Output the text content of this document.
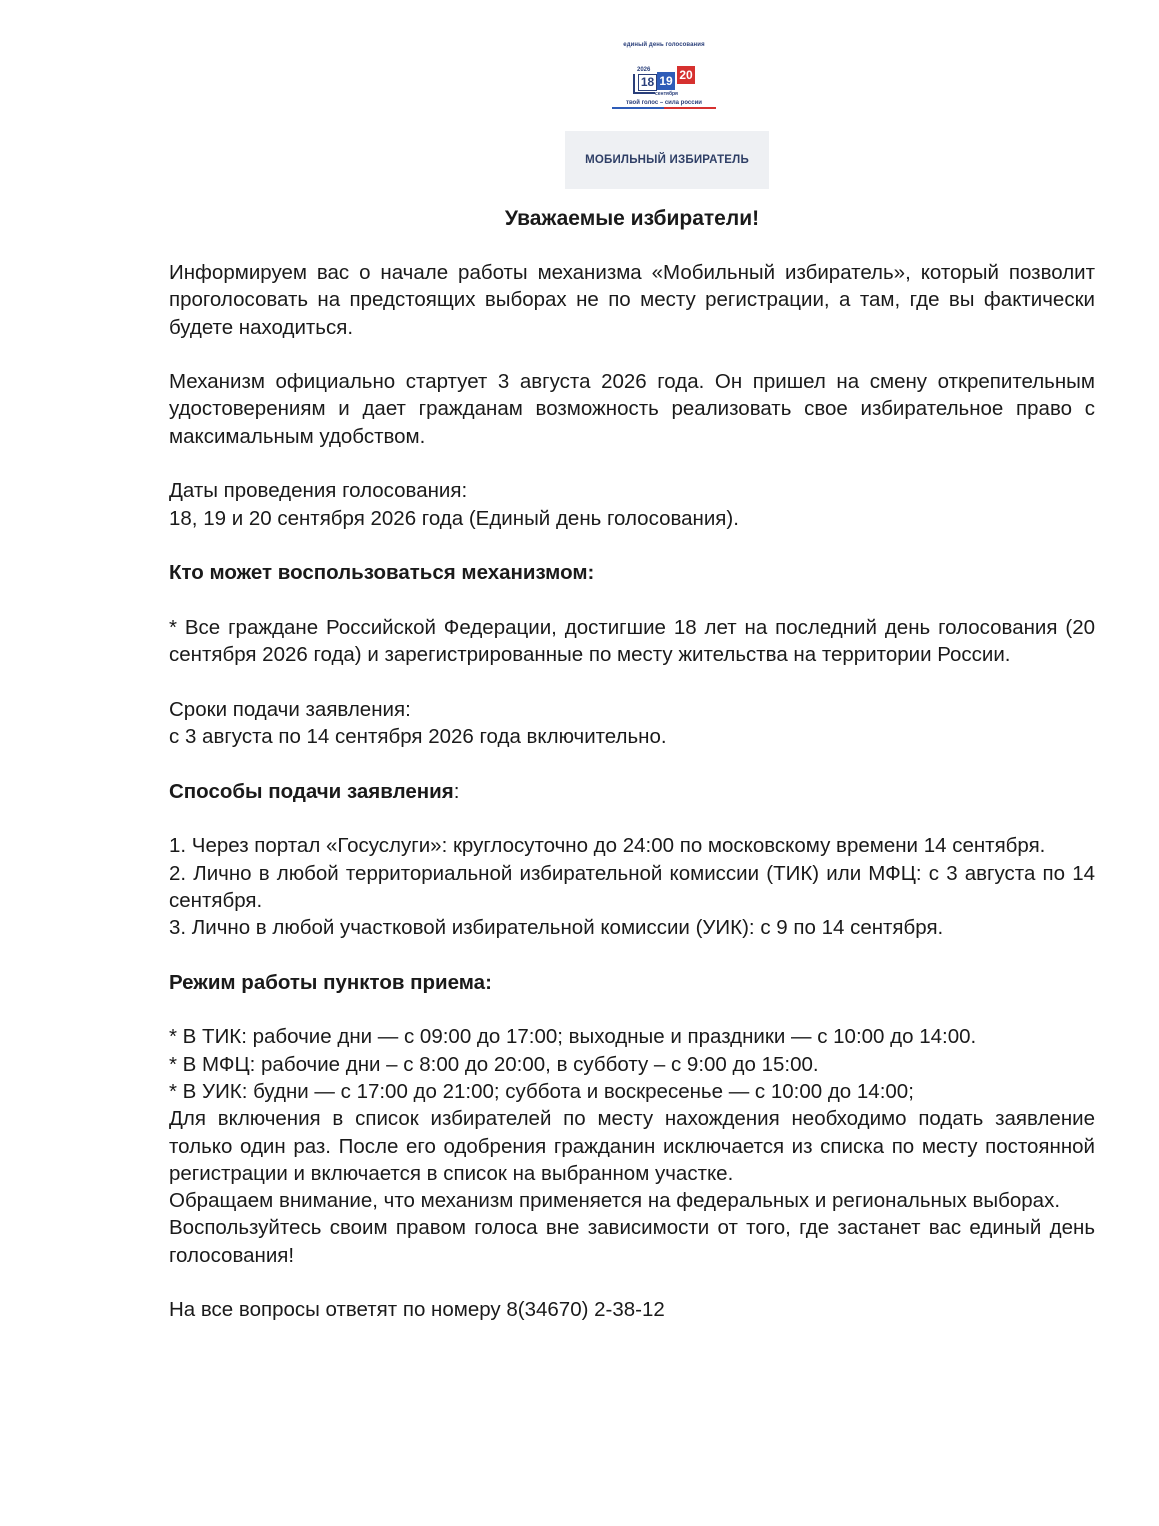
единый день голосования
2026
18 19 20
сентября
твой голос – сила россии
МОБИЛЬНЫЙ ИЗБИРАТЕЛЬ
Уважаемые избиратели!

Информируем вас о начале работы механизма «Мобильный избиратель», который позволит проголосовать на предстоящих выборах не по месту регистрации, а там, где вы фактически будете находиться.

Механизм официально стартует 3 августа 2026 года. Он пришел на смену открепительным удостоверениям и дает гражданам возможность реализовать свое избирательное право с максимальным удобством.

Даты проведения голосования:

18, 19 и 20 сентября 2026 года (Единый день голосования).

Кто может воспользоваться механизмом:

* Все граждане Российской Федерации, достигшие 18 лет на последний день голосования (20 сентября 2026 года) и зарегистрированные по месту жительства на территории России.

Сроки подачи заявления:

с 3 августа по 14 сентября 2026 года включительно.

Способы подачи заявления:

1. Через портал «Госуслуги»: круглосуточно до 24:00 по московскому времени 14 сентября.

2. Лично в любой территориальной избирательной комиссии (ТИК) или МФЦ: с 3 августа по 14 сентября.

3. Лично в любой участковой избирательной комиссии (УИК): с 9 по 14 сентября.

Режим работы пунктов приема:

* В ТИК: рабочие дни — с 09:00 до 17:00; выходные и праздники — с 10:00 до 14:00.

* В МФЦ: рабочие дни – с 8:00 до 20:00, в субботу – с 9:00 до 15:00.

* В УИК: будни — с 17:00 до 21:00; суббота и воскресенье — с 10:00 до 14:00;

Для включения в список избирателей по месту нахождения необходимо подать заявление только один раз. После его одобрения гражданин исключается из списка по месту постоянной регистрации и включается в список на выбранном участке.

Обращаем внимание, что механизм применяется на федеральных и региональных выборах.

Воспользуйтесь своим правом голоса вне зависимости от того, где застанет вас единый день голосования!

На все вопросы ответят по номеру 8(34670) 2-38-12
